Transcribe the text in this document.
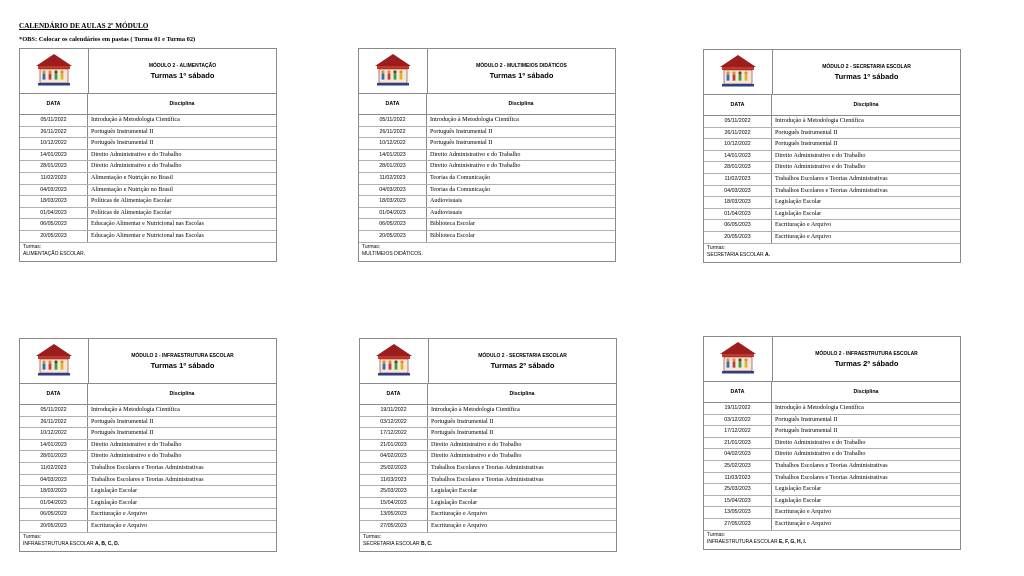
CALENDÁRIO DE AULAS 2º MÓDULO
*OBS: Colocar os calendários em pastas ( Turma 01 e Turma 02)
MÓDULO 2 - ALIMENTAÇÃO
Turmas 1º sábado
DATA	Disciplina
05/11/2022	Introdução à Metodologia Científica
26/11/2022	Português Instrumental II
10/12/2022	Português Instrumental II
14/01/2023	Direito Administrativo e do Trabalho
28/01/2023	Direito Administrativo e do Trabalho
11/02/2023	Alimentação e Nutrição no Brasil
04/03/2023	Alimentação e Nutrição no Brasil
18/03/2023	Políticas de Alimentação Escolar
01/04/2023	Políticas de Alimentação Escolar
06/05/2023	Educação Alimentar e Nutricional nas Escolas
20/05/2023	Educação Alimentar e Nutricional nas Escolas
Turmas:
ALIMENTAÇÃO ESCOLAR.
MÓDULO 2 - MULTIMEIOS DIDÁTICOS
Turmas 1º sábado
DATA	Disciplina
05/11/2022	Introdução à Metodologia Científica
26/11/2022	Português Instrumental II
10/12/2022	Português Instrumental II
14/01/2023	Direito Administrativo e do Trabalho
28/01/2023	Direito Administrativo e do Trabalho
11/02/2023	Teorias da Comunicação
04/03/2023	Teorias da Comunicação
18/03/2023	Audiovisuais
01/04/2023	Audiovisuais
06/05/2023	Biblioteca Escolar
20/05/2023	Biblioteca Escolar
Turmas:
MULTIMEIOS DIDÁTICOS.
MÓDULO 2 - SECRETARIA ESCOLAR
Turmas 1º sábado
DATA	Disciplina
05/11/2022	Introdução à Metodologia Científica
26/11/2022	Português Instrumental II
10/12/2022	Português Instrumental II
14/01/2023	Direito Administrativo e do Trabalho
28/01/2023	Direito Administrativo e do Trabalho
11/02/2023	Trabalhos Escolares e Teorias Administrativas
04/03/2023	Trabalhos Escolares e Teorias Administrativas
18/03/2023	Legislação Escolar
01/04/2023	Legislação Escolar
06/05/2023	Escrituração e Arquivo
20/05/2023	Escrituração e Arquivo
Turmas:
SECRETARIA ESCOLAR A.
MÓDULO 2 - INFRAESTRUTURA ESCOLAR
Turmas 1º sábado
DATA	Disciplina
05/11/2022	Introdução à Metodologia Científica
26/11/2022	Português Instrumental II
10/12/2022	Português Instrumental II
14/01/2023	Direito Administrativo e do Trabalho
28/01/2023	Direito Administrativo e do Trabalho
11/02/2023	Trabalhos Escolares e Teorias Administrativas
04/03/2023	Trabalhos Escolares e Teorias Administrativas
18/03/2023	Legislação Escolar
01/04/2023	Legislação Escolar
06/05/2023	Escrituração e Arquivo
20/05/2023	Escrituração e Arquivo
Turmas:
INFRAESTRUTURA ESCOLAR A, B, C, D.
MÓDULO 2 - SECRETARIA ESCOLAR
Turmas 2º sábado
DATA	Disciplina
19/11/2022	Introdução à Metodologia Científica
03/12/2022	Português Instrumental II
17/12/2022	Português Instrumental II
21/01/2023	Direito Administrativo e do Trabalho
04/02/2023	Direito Administrativo e do Trabalho
25/02/2023	Trabalhos Escolares e Teorias Administrativas
11/03/2023	Trabalhos Escolares e Teorias Administrativas
25/03/2023	Legislação Escolar
15/04/2023	Legislação Escolar
13/05/2023	Escrituração e Arquivo
27/05/2023	Escrituração e Arquivo
Turmas:
SECRETARIA ESCOLAR B, C.
MÓDULO 2 - INFRAESTRUTURA ESCOLAR
Turmas 2º sábado
DATA	Disciplina
19/11/2022	Introdução à Metodologia Científica
03/12/2022	Português Instrumental II
17/12/2022	Português Instrumental II
21/01/2023	Direito Administrativo e do Trabalho
04/02/2023	Direito Administrativo e do Trabalho
25/02/2023	Trabalhos Escolares e Teorias Administrativas
11/03/2023	Trabalhos Escolares e Teorias Administrativas
25/03/2023	Legislação Escolar
15/04/2023	Legislação Escolar
13/05/2023	Escrituração e Arquivo
27/05/2023	Escrituração e Arquivo
Turmas:
INFRAESTRUTURA ESCOLAR E, F, G, H, I.
